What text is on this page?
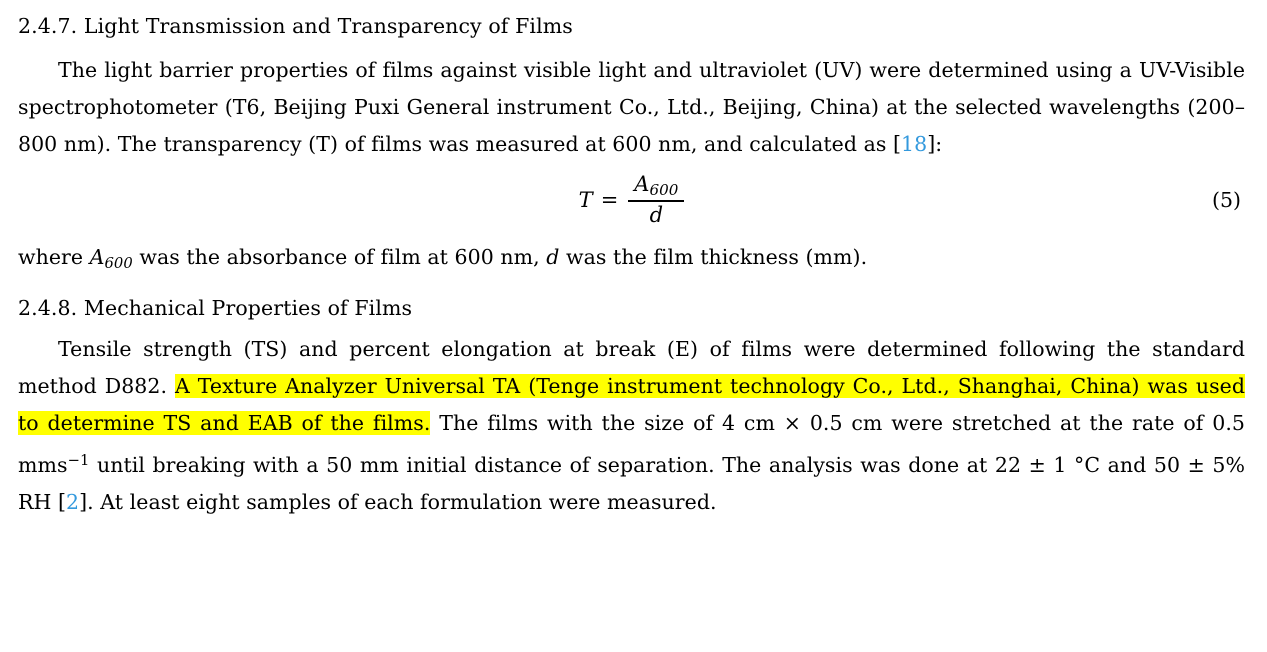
2.4.7. Light Transmission and Transparency of Films

The light barrier properties of films against visible light and ultraviolet (UV) were determined using a UV-Visible spectrophotometer (T6, Beijing Puxi General instrument Co., Ltd., Beijing, China) at the selected wavelengths (200–800 nm). The transparency (T) of films was measured at 600 nm, and calculated as [18]:

$T = \frac{A_{600}}{d}$	(5)

where $A_{600}$ was the absorbance of film at 600 nm, d was the film thickness (mm).

2.4.8. Mechanical Properties of Films

Tensile strength (TS) and percent elongation at break (E) of films were determined following the standard method D882. A Texture Analyzer Universal TA (Tenge instrument technology Co., Ltd., Shanghai, China) was used to determine TS and EAB of the films. The films with the size of 4 cm × 0.5 cm were stretched at the rate of 0.5 mms$^{-1}$ until breaking with a 50 mm initial distance of separation. The analysis was done at 22 ± 1 °C and 50 ± 5% RH [2]. At least eight samples of each formulation were measured.
